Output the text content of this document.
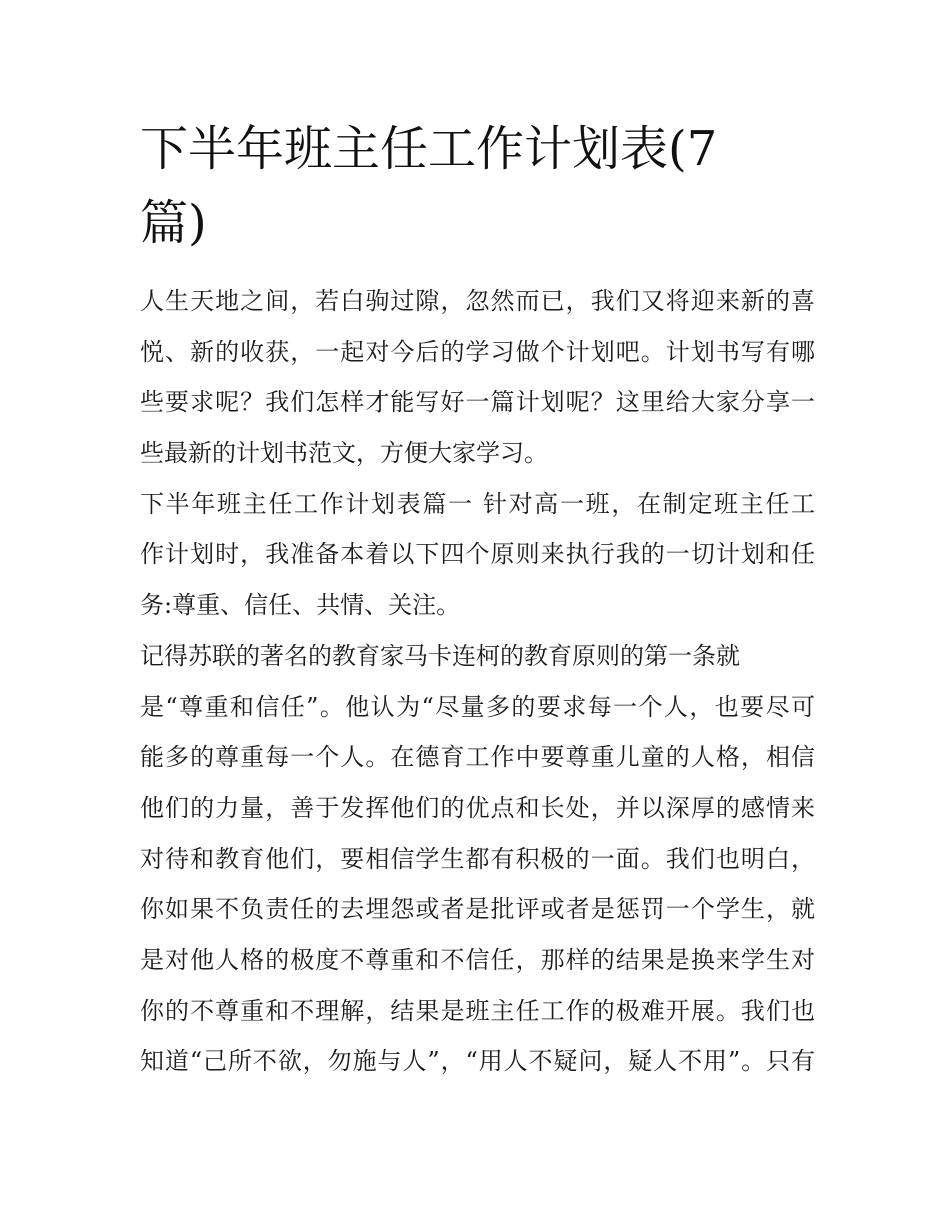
下半年班主任工作计划表(7
篇)

人生天地之间，若白驹过隙，忽然而已，我们又将迎来新的喜
悦、新的收获，一起对今后的学习做个计划吧。计划书写有哪
些要求呢？我们怎样才能写好一篇计划呢？这里给大家分享一
些最新的计划书范文，方便大家学习。

下半年班主任工作计划表篇一 针对高一班，在制定班主任工
作计划时，我准备本着以下四个原则来执行我的一切计划和任
务:尊重、信任、共情、关注。

记得苏联的著名的教育家马卡连柯的教育原则的第一条就
是“尊重和信任”。他认为“尽量多的要求每一个人，也要尽可
能多的尊重每一个人。在德育工作中要尊重儿童的人格，相信
他们的力量，善于发挥他们的优点和长处，并以深厚的感情来
对待和教育他们，要相信学生都有积极的一面。我们也明白，
你如果不负责任的去埋怨或者是批评或者是惩罚一个学生，就
是对他人格的极度不尊重和不信任，那样的结果是换来学生对
你的不尊重和不理解，结果是班主任工作的极难开展。我们也
知道“己所不欲，勿施与人”，“用人不疑问，疑人不用”。只有
